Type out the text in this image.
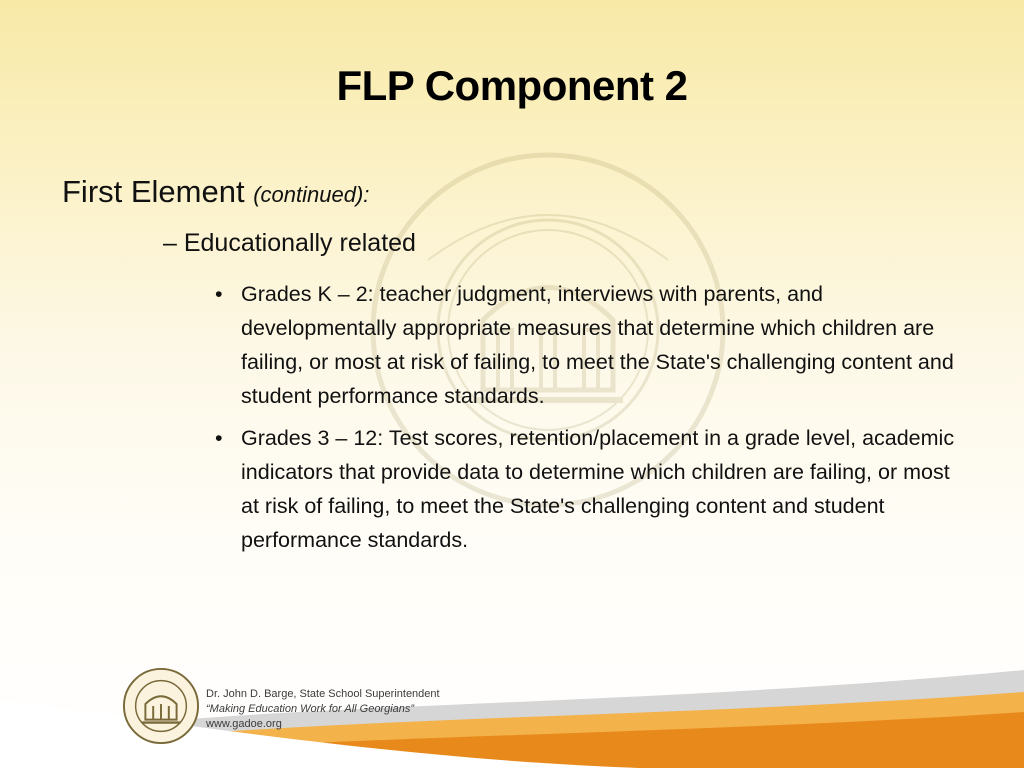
FLP Component 2
First Element (continued):
– Educationally related
• Grades K – 2: teacher judgment, interviews with parents, and developmentally appropriate measures that determine which children are failing, or most at risk of failing, to meet the State's challenging content and student performance standards.
• Grades 3 – 12: Test scores, retention/placement in a grade level, academic indicators that provide data to determine which children are failing, or most at risk of failing, to meet the State's challenging content and student performance standards.
Dr. John D. Barge, State School Superintendent
“Making Education Work for All Georgians”
www.gadoe.org
